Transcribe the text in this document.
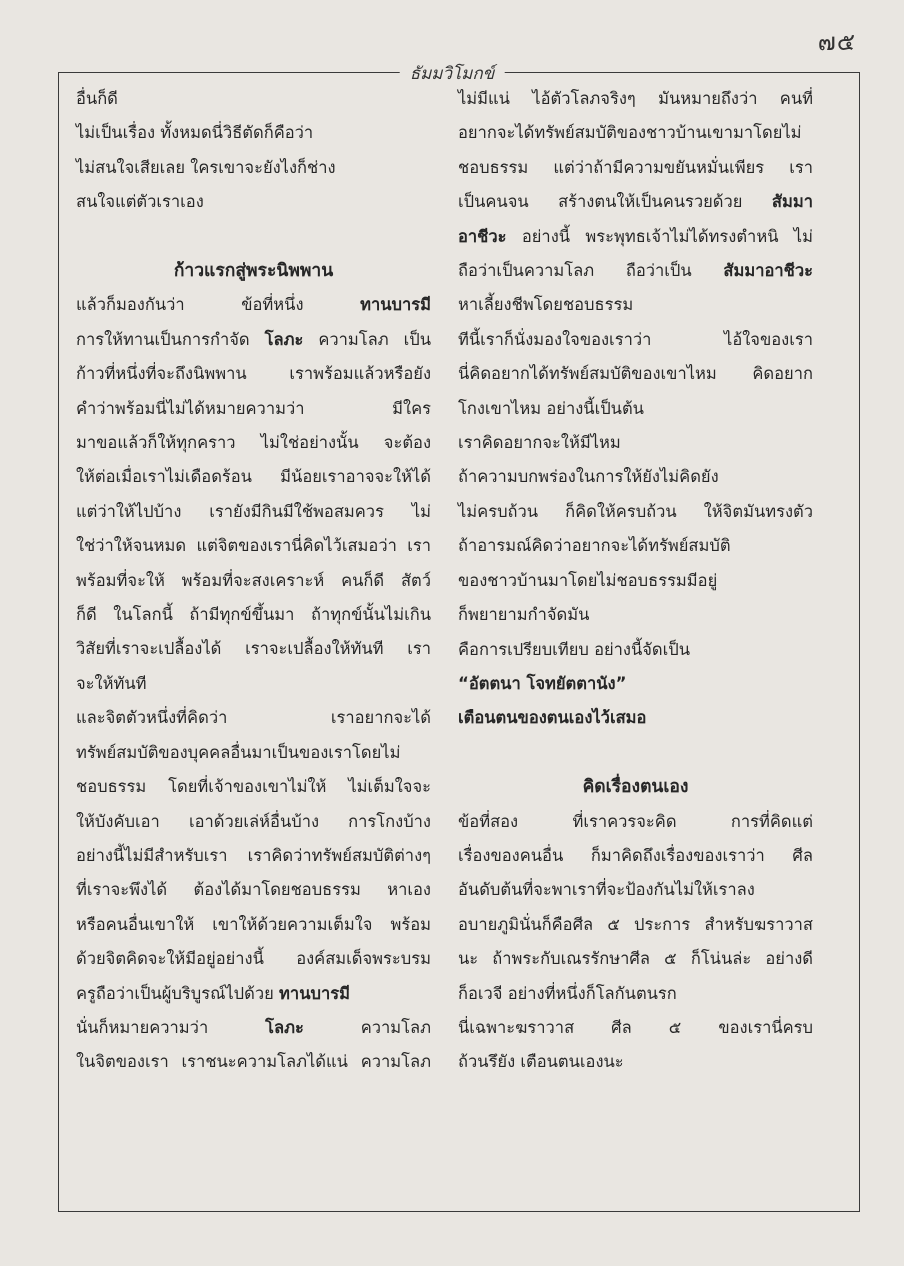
๗๕
ธัมมวิโมกข์

อื่นก็ดี

ไม่เป็นเรื่อง ทั้งหมดนี่วิธีตัดก็คือว่า

ไม่สนใจเสียเลย ใครเขาจะยังไงก็ช่าง

สนใจแต่ตัวเราเอง

ก้าวแรกสู่พระนิพพาน

แล้วก็มองกันว่า ข้อที่หนึ่ง ทานบารมี

การให้ทานเป็นการกำจัด โลภะ ความโลภ เป็น

ก้าวที่หนึ่งที่จะถึงนิพพาน เราพร้อมแล้วหรือยัง

คำว่าพร้อมนี่ไม่ได้หมายความว่า มีใคร

มาขอแล้วก็ให้ทุกคราว ไม่ใช่อย่างนั้น จะต้อง

ให้ต่อเมื่อเราไม่เดือดร้อน มีน้อยเราอาจจะให้ได้

แต่ว่าให้ไปบ้าง เรายังมีกินมีใช้พอสมควร ไม่

ใช่ว่าให้จนหมด แต่จิตของเรานี่คิดไว้เสมอว่า เรา

พร้อมที่จะให้ พร้อมที่จะสงเคราะห์ คนก็ดี สัตว์

ก็ดี ในโลกนี้ ถ้ามีทุกข์ขึ้นมา ถ้าทุกข์นั้นไม่เกิน

วิสัยที่เราจะเปลื้องได้ เราจะเปลื้องให้ทันที เรา

จะให้ทันที

และจิตตัวหนึ่งที่คิดว่า เราอยากจะได้

ทรัพย์สมบัติของบุคคลอื่นมาเป็นของเราโดยไม่

ชอบธรรม โดยที่เจ้าของเขาไม่ให้ ไม่เต็มใจจะ

ให้บังคับเอา เอาด้วยเล่ห์อื่นบ้าง การโกงบ้าง

อย่างนี้ไม่มีสำหรับเรา เราคิดว่าทรัพย์สมบัติต่างๆ

ที่เราจะพึงได้ ต้องได้มาโดยชอบธรรม หาเอง

หรือคนอื่นเขาให้ เขาให้ด้วยความเต็มใจ พร้อม

ด้วยจิตคิดจะให้มีอยู่อย่างนี้ องค์สมเด็จพระบรม

ครูถือว่าเป็นผู้บริบูรณ์ไปด้วย ทานบารมี

นั่นก็หมายความว่า โลภะ ความโลภ

ในจิตของเรา เราชนะความโลภได้แน่ ความโลภ

ไม่มีแน่ ไอ้ตัวโลภจริงๆ มันหมายถึงว่า คนที่

อยากจะได้ทรัพย์สมบัติของชาวบ้านเขามาโดยไม่

ชอบธรรม แต่ว่าถ้ามีความขยันหมั่นเพียร เรา

เป็นคนจน สร้างตนให้เป็นคนรวยด้วย สัมมา

อาชีวะ อย่างนี้ พระพุทธเจ้าไม่ได้ทรงตำหนิ ไม่

ถือว่าเป็นความโลภ ถือว่าเป็น สัมมาอาชีวะ

หาเลี้ยงชีพโดยชอบธรรม

ทีนี้เราก็นั่งมองใจของเราว่า ไอ้ใจของเรา

นี่คิดอยากได้ทรัพย์สมบัติของเขาไหม คิดอยาก

โกงเขาไหม อย่างนี้เป็นต้น

เราคิดอยากจะให้มีไหม

ถ้าความบกพร่องในการให้ยังไม่คิดยัง

ไม่ครบถ้วน ก็คิดให้ครบถ้วน ให้จิตมันทรงตัว

ถ้าอารมณ์คิดว่าอยากจะได้ทรัพย์สมบัติ

ของชาวบ้านมาโดยไม่ชอบธรรมมีอยู่

ก็พยายามกำจัดมัน

คือการเปรียบเทียบ อย่างนี้จัดเป็น

“อัตตนา โจทยัตตานัง”

เตือนตนของตนเองไว้เสมอ

คิดเรื่องตนเอง

ข้อที่สอง ที่เราควรจะคิด การที่คิดแต่

เรื่องของคนอื่น ก็มาคิดถึงเรื่องของเราว่า ศีล

อันดับต้นที่จะพาเราที่จะป้องกันไม่ให้เราลง

อบายภูมินั่นก็คือศีล ๕ ประการ สำหรับฆราวาส

นะ ถ้าพระกับเณรรักษาศีล ๕ ก็โน่นล่ะ อย่างดี

ก็อเวจี อย่างที่หนึ่งก็โลกันตนรก

นี่เฉพาะฆราวาส ศีล ๕ ของเรานี่ครบ

ถ้วนรึยัง เตือนตนเองนะ
